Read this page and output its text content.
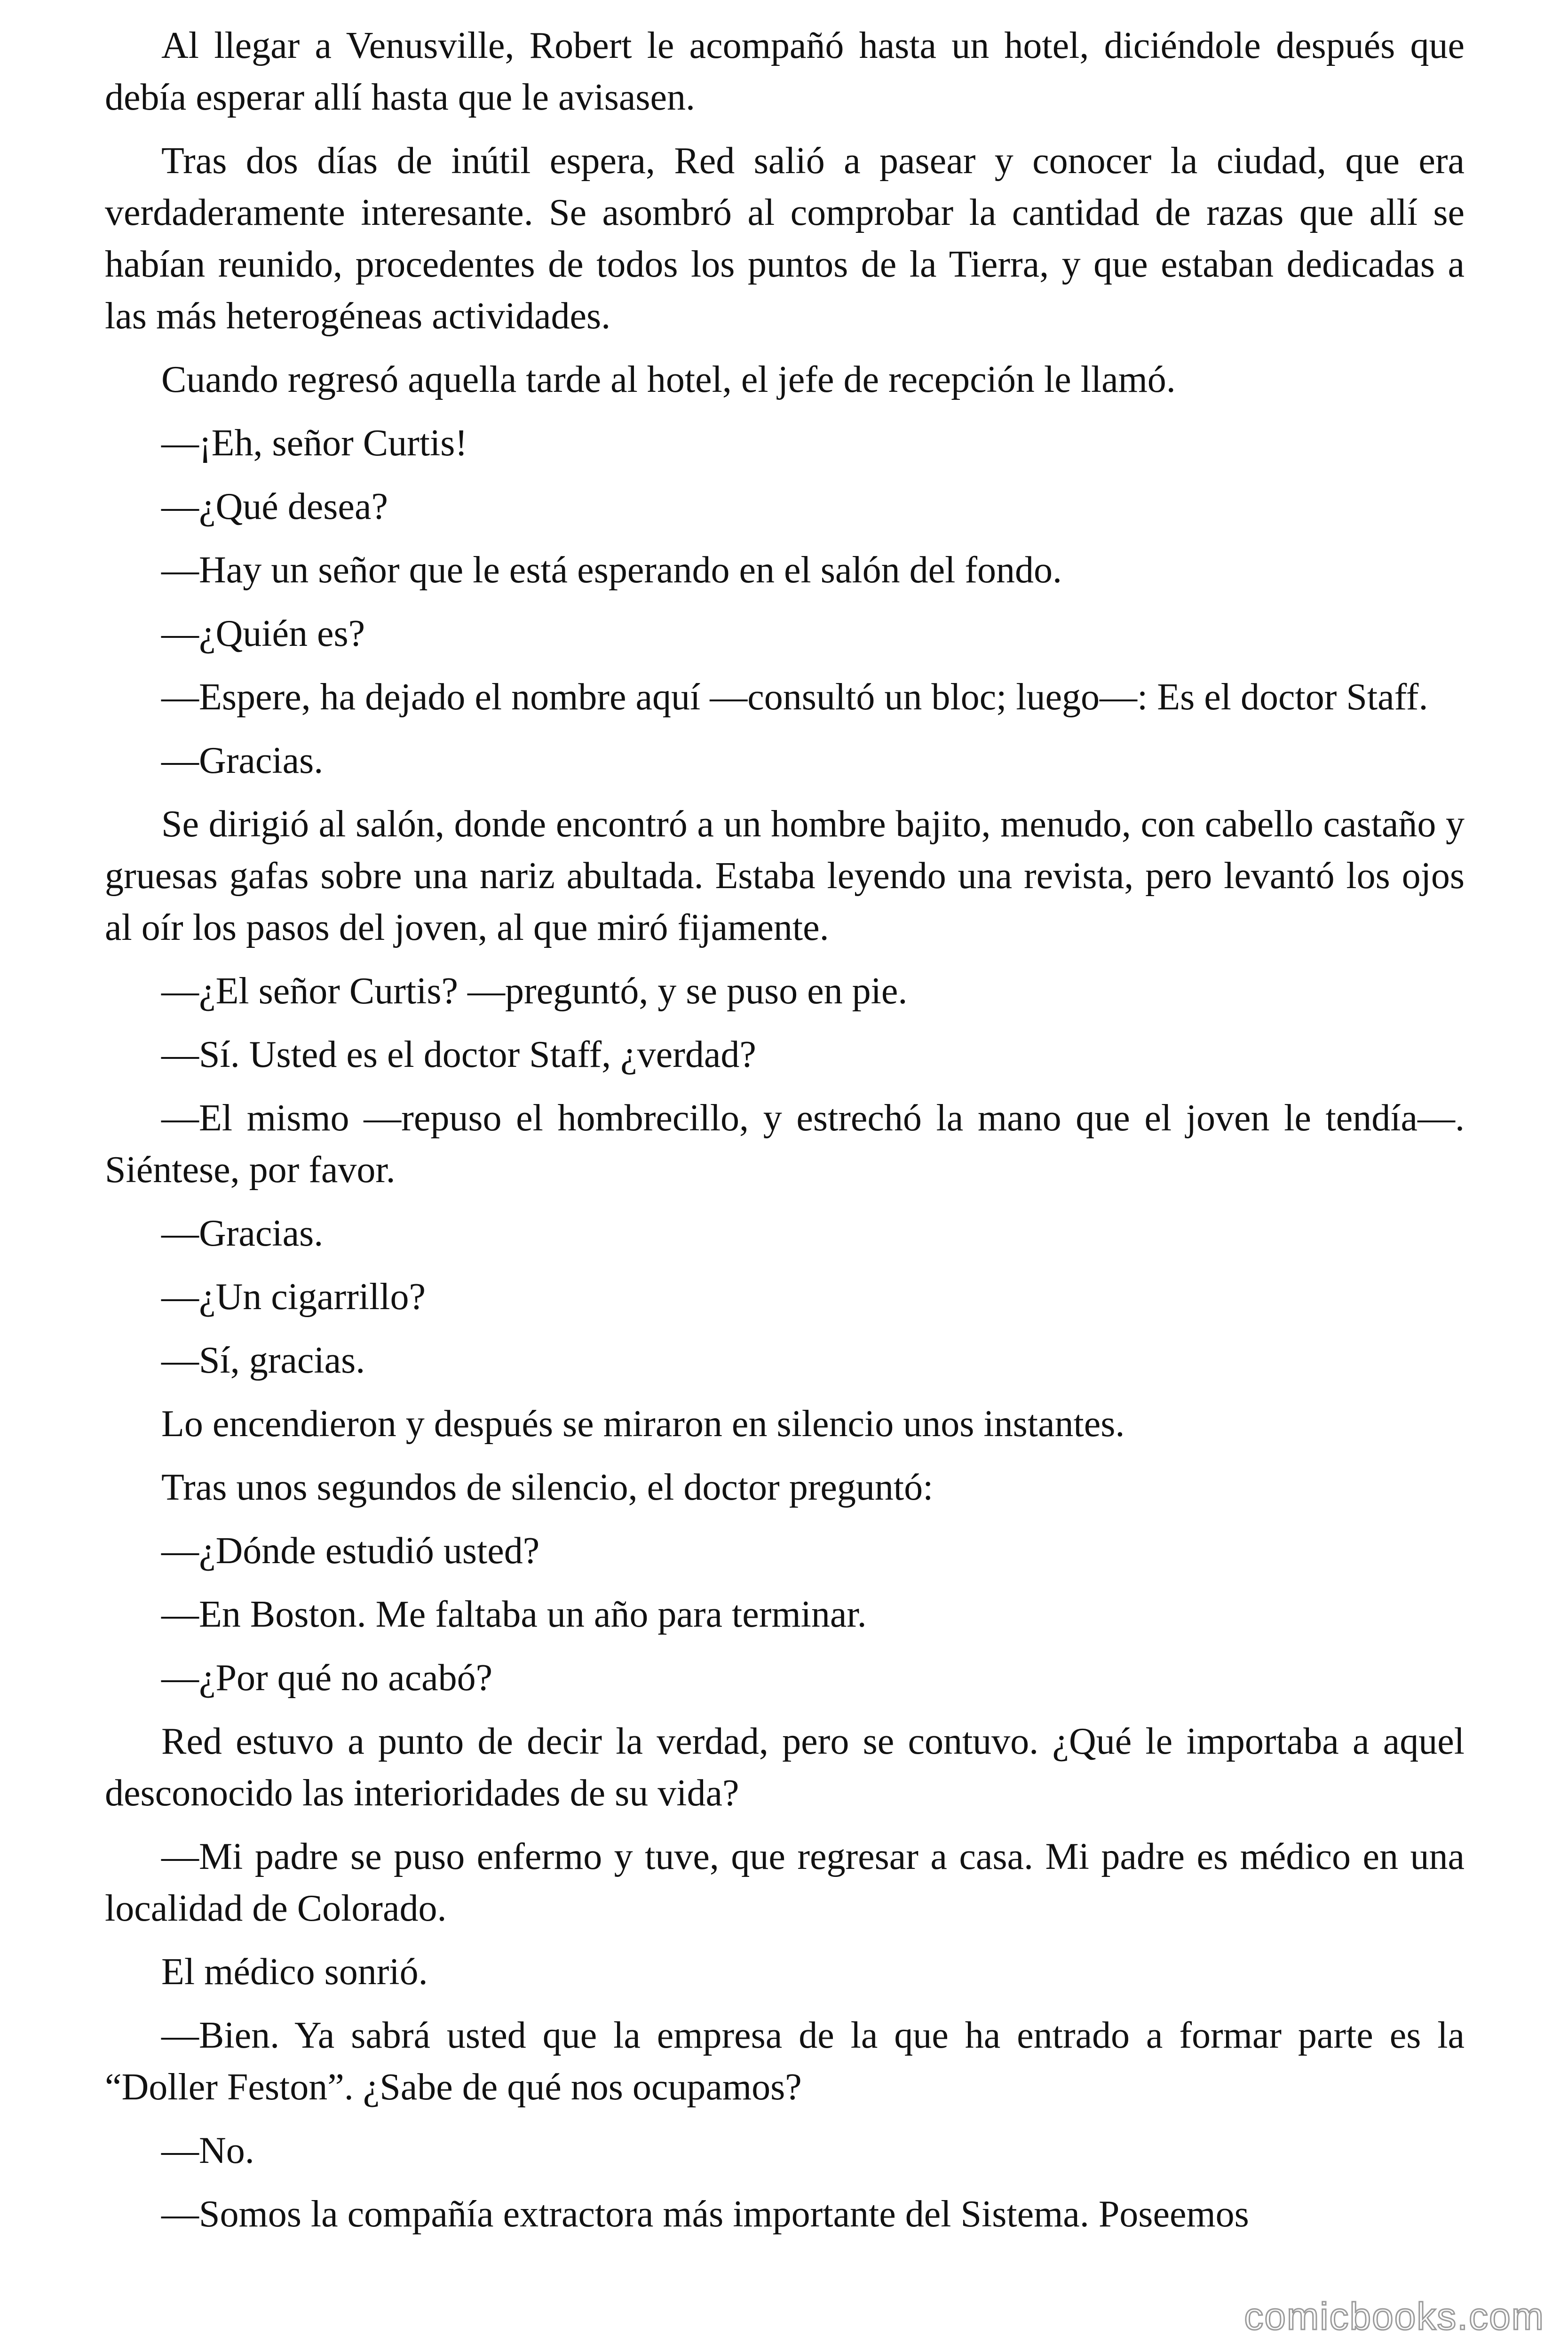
Al llegar a Venusville, Robert le acompañó hasta un hotel, diciéndole después que debía esperar allí hasta que le avisasen.

Tras dos días de inútil espera, Red salió a pasear y conocer la ciudad, que era verdaderamente interesante. Se asombró al comprobar la cantidad de razas que allí se habían reunido, procedentes de todos los puntos de la Tierra, y que estaban dedicadas a las más heterogéneas actividades.

Cuando regresó aquella tarde al hotel, el jefe de recepción le llamó.

—¡Eh, señor Curtis!

—¿Qué desea?

—Hay un señor que le está esperando en el salón del fondo.

—¿Quién es?

—Espere, ha dejado el nombre aquí —consultó un bloc; luego—: Es el doctor Staff.

—Gracias.

Se dirigió al salón, donde encontró a un hombre bajito, menudo, con cabello castaño y gruesas gafas sobre una nariz abultada. Estaba leyendo una revista, pero levantó los ojos al oír los pasos del joven, al que miró fijamente.

—¿El señor Curtis? —preguntó, y se puso en pie.

—Sí. Usted es el doctor Staff, ¿verdad?

—El mismo —repuso el hombrecillo, y estrechó la mano que el joven le tendía—. Siéntese, por favor.

—Gracias.

—¿Un cigarrillo?

—Sí, gracias.

Lo encendieron y después se miraron en silencio unos instantes.

Tras unos segundos de silencio, el doctor preguntó:

—¿Dónde estudió usted?

—En Boston. Me faltaba un año para terminar.

—¿Por qué no acabó?

Red estuvo a punto de decir la verdad, pero se contuvo. ¿Qué le importaba a aquel desconocido las interioridades de su vida?

—Mi padre se puso enfermo y tuve, que regresar a casa. Mi padre es médico en una localidad de Colorado.

El médico sonrió.

—Bien. Ya sabrá usted que la empresa de la que ha entrado a formar parte es la “Doller Feston”. ¿Sabe de qué nos ocupamos?

—No.

—Somos la compañía extractora más importante del Sistema. Poseemos

comicbooks.com
